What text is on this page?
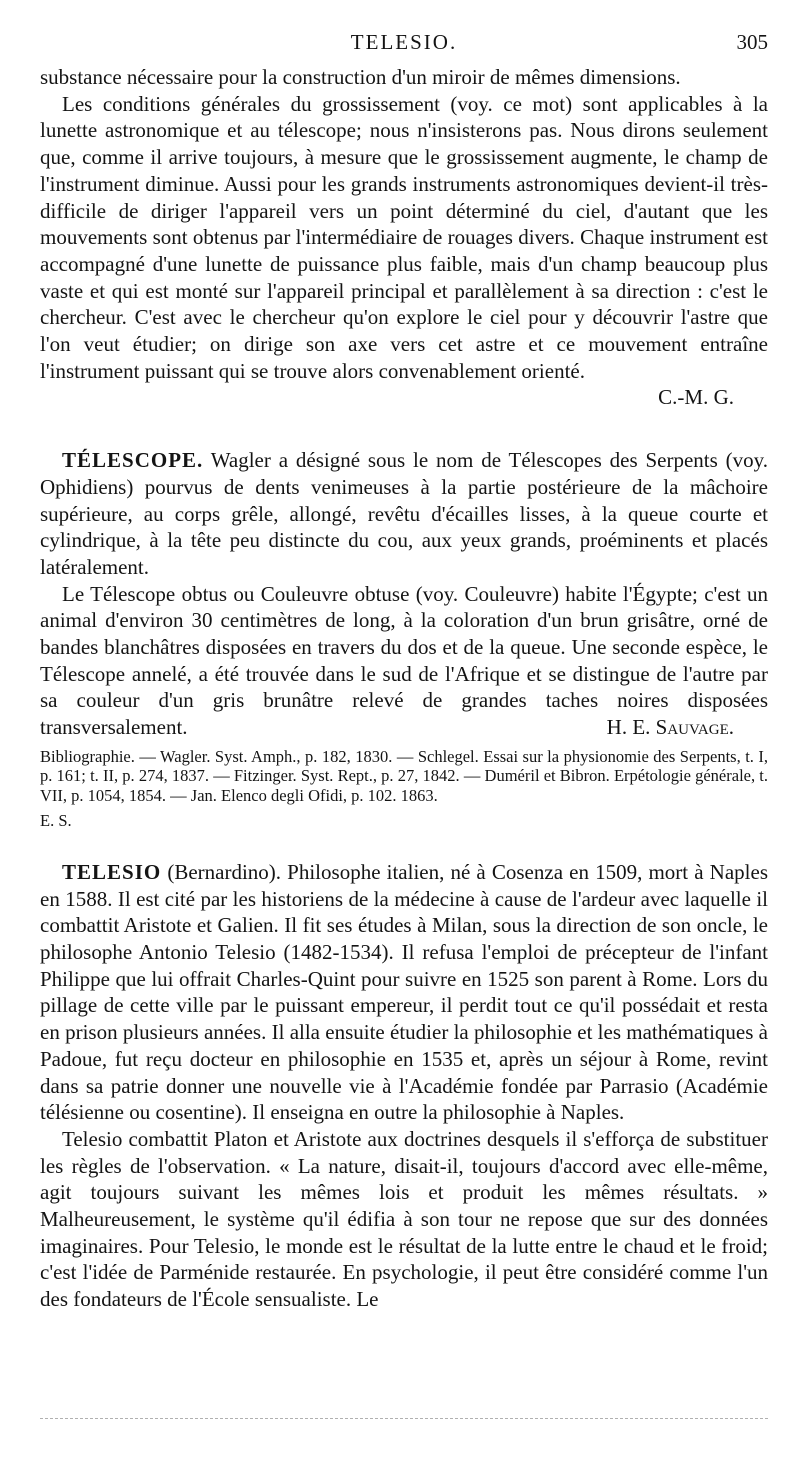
TELESIO.	305

substance nécessaire pour la construction d'un miroir de mêmes dimensions.

Les conditions générales du grossissement (voy. ce mot) sont applicables à la lunette astronomique et au télescope; nous n'insisterons pas. Nous dirons seulement que, comme il arrive toujours, à mesure que le grossissement augmente, le champ de l'instrument diminue. Aussi pour les grands instruments astronomiques devient-il très-difficile de diriger l'appareil vers un point déterminé du ciel, d'autant que les mouvements sont obtenus par l'intermédiaire de rouages divers. Chaque instrument est accompagné d'une lunette de puissance plus faible, mais d'un champ beaucoup plus vaste et qui est monté sur l'appareil principal et parallèlement à sa direction : c'est le chercheur. C'est avec le chercheur qu'on explore le ciel pour y découvrir l'astre que l'on veut étudier; on dirige son axe vers cet astre et ce mouvement entraîne l'instrument puissant qui se trouve alors convenablement orienté.

C.-M. G.

TÉLESCOPE. Wagler a désigné sous le nom de Télescopes des Serpents (voy. Ophidiens) pourvus de dents venimeuses à la partie postérieure de la mâchoire supérieure, au corps grêle, allongé, revêtu d'écailles lisses, à la queue courte et cylindrique, à la tête peu distincte du cou, aux yeux grands, proéminents et placés latéralement.

Le Télescope obtus ou Couleuvre obtuse (voy. Couleuvre) habite l'Égypte; c'est un animal d'environ 30 centimètres de long, à la coloration d'un brun grisâtre, orné de bandes blanchâtres disposées en travers du dos et de la queue. Une seconde espèce, le Télescope annelé, a été trouvée dans le sud de l'Afrique et se distingue de l'autre par sa couleur d'un gris brunâtre relevé de grandes taches noires disposées transversalement.	H. E. Sauvage.

Bibliographie. — Wagler. Syst. Amph., p. 182, 1830. — Schlegel. Essai sur la physionomie des Serpents, t. I, p. 161; t. II, p. 274, 1837. — Fitzinger. Syst. Rept., p. 27, 1842. — Duméril et Bibron. Erpétologie générale, t. VII, p. 1054, 1854. — Jan. Elenco degli Ofidi, p. 102. 1863.

E. S.

TELESIO (Bernardino). Philosophe italien, né à Cosenza en 1509, mort à Naples en 1588. Il est cité par les historiens de la médecine à cause de l'ardeur avec laquelle il combattit Aristote et Galien. Il fit ses études à Milan, sous la direction de son oncle, le philosophe Antonio Telesio (1482-1534). Il refusa l'emploi de précepteur de l'infant Philippe que lui offrait Charles-Quint pour suivre en 1525 son parent à Rome. Lors du pillage de cette ville par le puissant empereur, il perdit tout ce qu'il possédait et resta en prison plusieurs années. Il alla ensuite étudier la philosophie et les mathématiques à Padoue, fut reçu docteur en philosophie en 1535 et, après un séjour à Rome, revint dans sa patrie donner une nouvelle vie à l'Académie fondée par Parrasio (Académie télésienne ou cosentine). Il enseigna en outre la philosophie à Naples.

Telesio combattit Platon et Aristote aux doctrines desquels il s'efforça de substituer les règles de l'observation. « La nature, disait-il, toujours d'accord avec elle-même, agit toujours suivant les mêmes lois et produit les mêmes résultats. » Malheureusement, le système qu'il édifia à son tour ne repose que sur des données imaginaires. Pour Telesio, le monde est le résultat de la lutte entre le chaud et le froid; c'est l'idée de Parménide restaurée. En psychologie, il peut être considéré comme l'un des fondateurs de l'École sensualiste. Le
